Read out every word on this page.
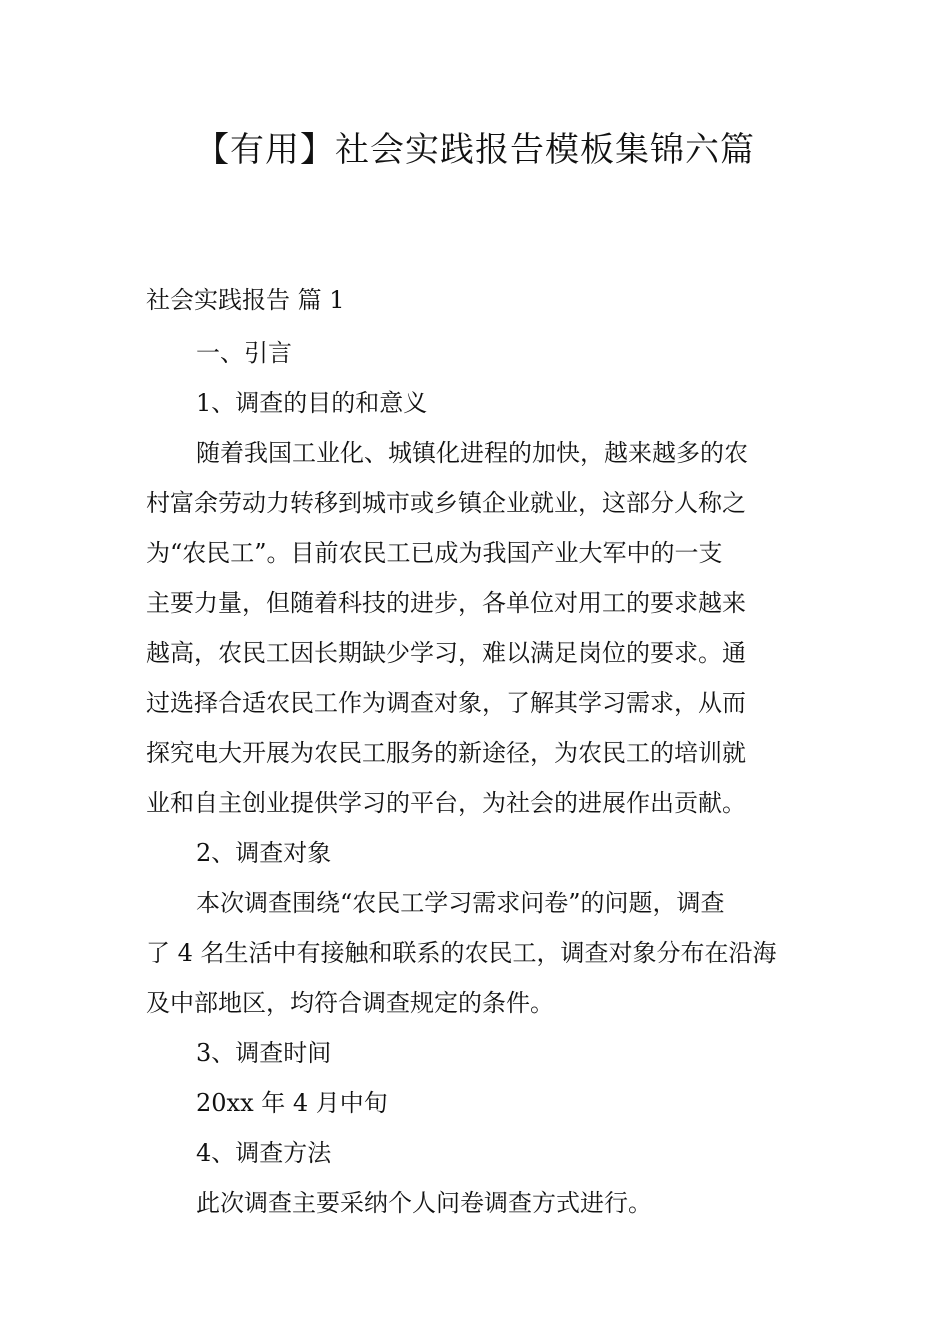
【有用】社会实践报告模板集锦六篇

社会实践报告 篇 1

一、引言

1、调查的目的和意义

随着我国工业化、城镇化进程的加快，越来越多的农

村富余劳动力转移到城市或乡镇企业就业，这部分人称之

为“农民工”。目前农民工已成为我国产业大军中的一支

主要力量，但随着科技的进步，各单位对用工的要求越来

越高，农民工因长期缺少学习，难以满足岗位的要求。通

过选择合适农民工作为调查对象，了解其学习需求，从而

探究电大开展为农民工服务的新途径，为农民工的培训就

业和自主创业提供学习的平台，为社会的进展作出贡献。

2、调查对象

本次调查围绕“农民工学习需求问卷”的问题，调查

了 4 名生活中有接触和联系的农民工，调查对象分布在沿海

及中部地区，均符合调查规定的条件。

3、调查时间

20xx 年 4 月中旬

4、调查方法

此次调查主要采纳个人问卷调查方式进行。
